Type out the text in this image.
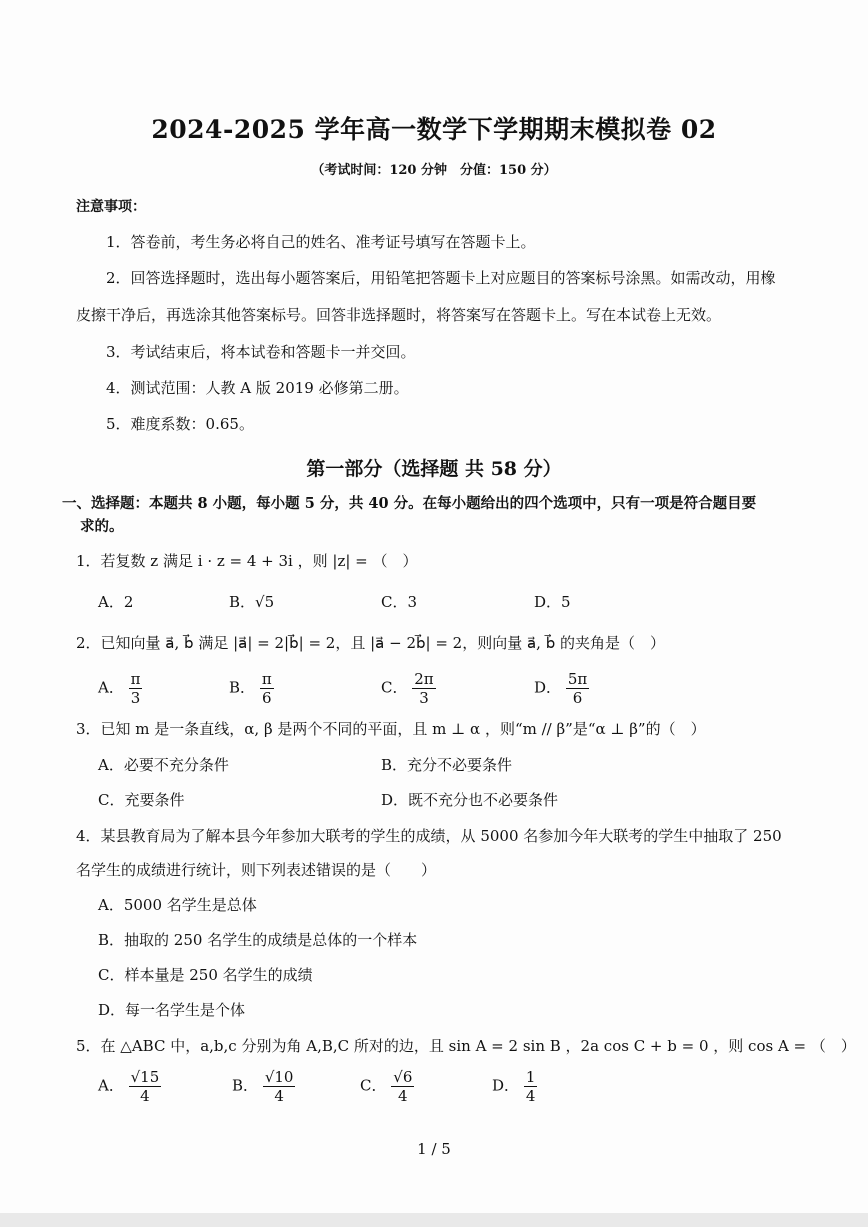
2024-2025 学年高一数学下学期期末模拟卷 02
（考试时间：120 分钟　分值：150 分）
注意事项：
1．答卷前，考生务必将自己的姓名、准考证号填写在答题卡上。
2．回答选择题时，选出每小题答案后，用铅笔把答题卡上对应题目的答案标号涂黑。如需改动，用橡
皮擦干净后，再选涂其他答案标号。回答非选择题时，将答案写在答题卡上。写在本试卷上无效。
3．考试结束后，将本试卷和答题卡一并交回。
4．测试范围：人教 A 版 2019 必修第二册。
5．难度系数：0.65。
第一部分（选择题 共 58 分）
一、选择题：本题共 8 小题，每小题 5 分，共 40 分。在每小题给出的四个选项中，只有一项是符合题目要
求的。
1．若复数 z 满足 i · z = 4 + 3i ，则 |z| = （　）
A．2	B．√5	C．3	D．5
2．已知向量 a⃗, b⃗ 满足 |a⃗| = 2|b⃗| = 2，且 |a⃗ − 2b⃗| = 2，则向量 a⃗, b⃗ 的夹角是（　）
A． $\frac{\pi}{3}$	B． $\frac{\pi}{6}$	C． $\frac{2\pi}{3}$	D． $\frac{5\pi}{6}$
3．已知 m 是一条直线，α, β 是两个不同的平面，且 m ⊥ α ，则“m // β”是“α ⊥ β”的（　）
A．必要不充分条件	B．充分不必要条件
C．充要条件	D．既不充分也不必要条件
4．某县教育局为了解本县今年参加大联考的学生的成绩，从 5000 名参加今年大联考的学生中抽取了 250
名学生的成绩进行统计，则下列表述错误的是（　　）
A．5000 名学生是总体
B．抽取的 250 名学生的成绩是总体的一个样本
C．样本量是 250 名学生的成绩
D．每一名学生是个体
5．在 △ABC 中，a,b,c 分别为角 A,B,C 所对的边，且 sin A = 2 sin B ，2a cos C + b = 0 ，则 cos A = （　）
A． $\frac{√15}{4}$	B． $\frac{√10}{4}$	C． $\frac{√6}{4}$	D． $\frac{1}{4}$
1 / 5
